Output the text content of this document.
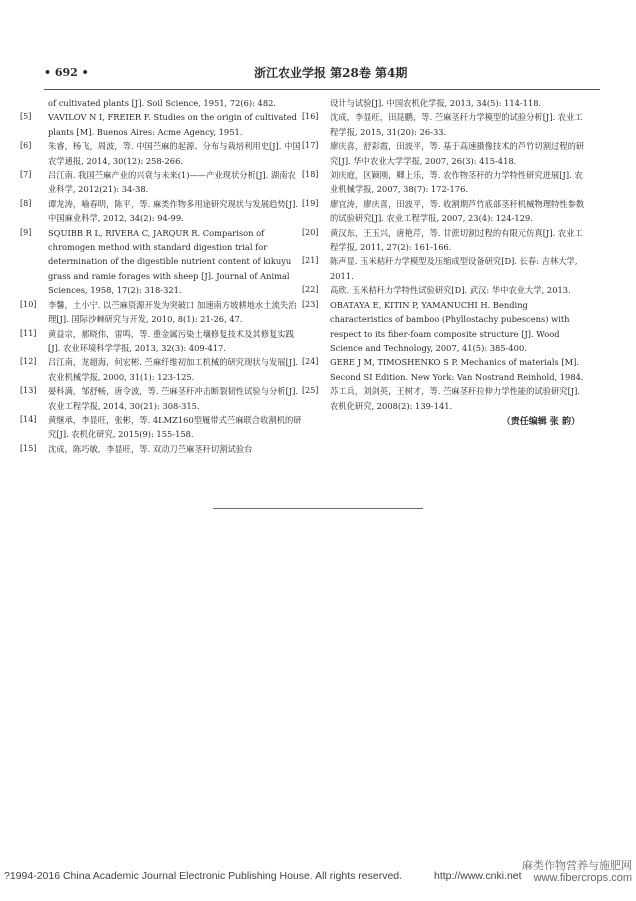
• 692 •	浙江农业学报 第28卷 第4期
of cultivated plants [J]. Soil Science, 1951, 72(6): 482.
[5] VAVILOV N I, FREIER F. Studies on the origin of cultivated plants [M]. Buenos Aires: Acme Agency, 1951.
[6] 朱睿，杨飞，周波，等. 中国苎麻的起源、分布与栽培利用史[J]. 中国农学通报, 2014, 30(12): 258-266.
[7] 吕江南. 我国苎麻产业的兴衰与未来(1)——产业现状分析[J]. 湖南农业科学, 2012(21): 34-38.
[8] 谭龙涛，喻春明，陈平，等. 麻类作物多用途研究现状与发展趋势[J]. 中国麻业科学, 2012, 34(2): 94-99.
[9] SQUIBB R L, RIVERA C, JARQUR R. Comparison of chromogen method with standard digestion trial for determination of the digestible nutrient content of kikuyu grass and ramie forages with sheep [J]. Journal of Animal Sciences, 1958, 17(2): 318-321.
[10] 李馨，土小宁. 以苎麻资源开发为突破口 加速南方坡耕地水土流失治理[J]. 国际沙棘研究与开发, 2010, 8(1): 21-26, 47.
[11] 黄益宗，郝晓伟，雷鸣，等. 重金属污染土壤修复技术及其修复实践[J]. 农业环境科学学报, 2013, 32(3): 409-417.
[12] 吕江南，龙超海，何宏彬. 苎麻纤维初加工机械的研究现状与发展[J]. 农业机械学报, 2000, 31(1): 123-125.
[13] 晏科满，邹舒畅，唐令波，等. 苎麻茎秆冲击断裂韧性试验与分析[J]. 农业工程学报, 2014, 30(21): 308-315.
[14] 黄继承，李显旺，张彬，等. 4LMZ160型履带式苎麻联合收割机的研究[J]. 农机化研究, 2015(9): 155-158.
[15] 沈成，陈巧敏，李显旺，等. 双动刀苎麻茎秆切割试验台
设计与试验[J]. 中国农机化学报, 2013, 34(5): 114-118.
[16] 沈成，李显旺，田昆鹏，等. 苎麻茎秆力学模型的试验分析[J]. 农业工程学报, 2015, 31(20): 26-33.
[17] 廖庆喜，舒彩霞，田波平，等. 基于高速摄像技术的芦竹切割过程的研究[J]. 华中农业大学学报, 2007, 26(3): 415-418.
[18] 刘庆庭，区颖刚，卿上乐，等. 农作物茎秆的力学特性研究进展[J]. 农业机械学报, 2007, 38(7): 172-176.
[19] 廖宜涛，廖庆喜，田波平，等. 收割期芦竹底部茎秆机械物理特性参数的试验研究[J]. 农业工程学报, 2007, 23(4): 124-129.
[20] 黄汉东，王玉兴，唐艳芹，等. 甘蔗切割过程的有限元仿真[J]. 农业工程学报, 2011, 27(2): 161-166.
[21] 陈声显. 玉米秸秆力学模型及压缩成型设备研究[D]. 长春: 吉林大学, 2011.
[22] 高欣. 玉米秸秆力学特性试验研究[D]. 武汉: 华中农业大学, 2013.
[23] OBATAYA E, KITIN P, YAMANUCHI H. Bending characteristics of bamboo (Phyllostachy pubescens) with respect to its fiber-foam composite structure [J]. Wood Science and Technology, 2007, 41(5): 385-400.
[24] GERE J M, TIMOSHENKO S P. Mechanics of materials [M]. Second SI Edition. New York: Van Nostrand Reinhold, 1984.
[25] 苏工兵，刘剑英，王树才，等. 苎麻茎秆拉伸力学性能的试验研究[J]. 农机化研究, 2008(2): 139-141.
（责任编辑 张 韵）
?1994-2016 China Academic Journal Electronic Publishing House. All rights reserved.	http://www.cnki.net
麻类作物营养与施肥网
www.fibercrops.com
